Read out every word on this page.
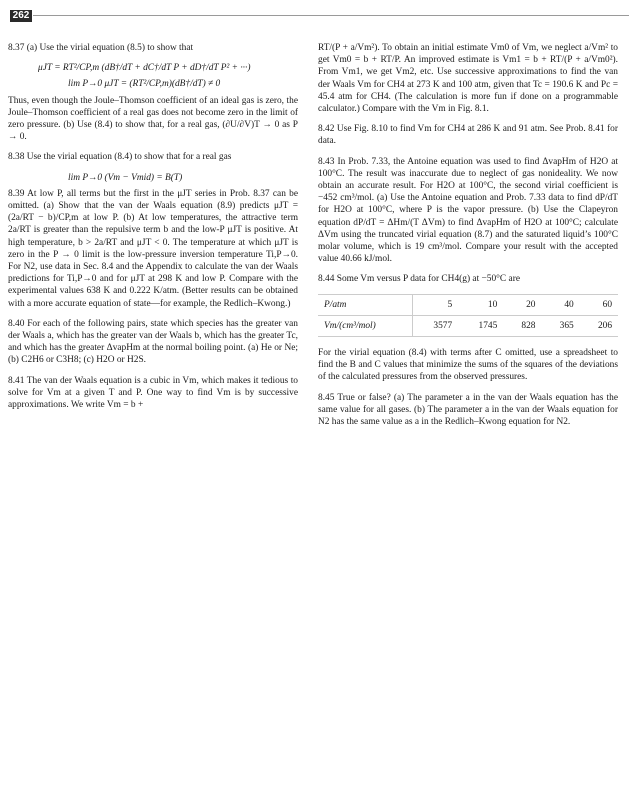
262

8.37 (a) Use the virial equation (8.5) to show that

μJT = RT²/CP,m (dB†/dT + dC†/dT P + dD†/dT P² + ···)
lim P→0 μJT = (RT²/CP,m)(dB†/dT) ≠ 0

Thus, even though the Joule–Thomson coefficient of an ideal gas is zero, the Joule–Thomson coefficient of a real gas does not become zero in the limit of zero pressure. (b) Use (8.4) to show that, for a real gas, (∂U/∂V)T → 0 as P → 0.

8.38 Use the virial equation (8.4) to show that for a real gas

lim P→0 (Vm − Vmid) = B(T)

8.39 At low P, all terms but the first in the μJT series in Prob. 8.37 can be omitted. (a) Show that the van der Waals equation (8.9) predicts μJT = (2a/RT − b)/CP,m at low P. (b) At low temperatures, the attractive term 2a/RT is greater than the repulsive term b and the low-P μJT is positive. At high temperature, b > 2a/RT and μJT < 0. The temperature at which μJT is zero in the P → 0 limit is the low-pressure inversion temperature Ti,P→0. For N2, use data in Sec. 8.4 and the Appendix to calculate the van der Waals predictions for Ti,P→0 and for μJT at 298 K and low P. Compare with the experimental values 638 K and 0.222 K/atm. (Better results can be obtained with a more accurate equation of state—for example, the Redlich–Kwong.)

8.40 For each of the following pairs, state which species has the greater van der Waals a, which has the greater van der Waals b, which has the greater Tc, and which has the greater ΔvapHm at the normal boiling point. (a) He or Ne; (b) C2H6 or C3H8; (c) H2O or H2S.

8.41 The van der Waals equation is a cubic in Vm, which makes it tedious to solve for Vm at a given T and P. One way to find Vm is by successive approximations. We write Vm = b +

RT/(P + a/Vm²). To obtain an initial estimate Vm0 of Vm, we neglect a/Vm² to get Vm0 = b + RT/P. An improved estimate is Vm1 = b + RT/(P + a/Vm0²). From Vm1, we get Vm2, etc. Use successive approximations to find the van der Waals Vm for CH4 at 273 K and 100 atm, given that Tc = 190.6 K and Pc = 45.4 atm for CH4. (The calculation is more fun if done on a programmable calculator.) Compare with the Vm in Fig. 8.1.

8.42 Use Fig. 8.10 to find Vm for CH4 at 286 K and 91 atm. See Prob. 8.41 for data.

8.43 In Prob. 7.33, the Antoine equation was used to find ΔvapHm of H2O at 100°C. The result was inaccurate due to neglect of gas nonideality. We now obtain an accurate result. For H2O at 100°C, the second virial coefficient is −452 cm³/mol. (a) Use the Antoine equation and Prob. 7.33 data to find dP/dT for H2O at 100°C, where P is the vapor pressure. (b) Use the Clapeyron equation dP/dT = ΔHm/(T ΔVm) to find ΔvapHm of H2O at 100°C; calculate ΔVm using the truncated virial equation (8.7) and the saturated liquid’s 100°C molar volume, which is 19 cm³/mol. Compare your result with the accepted value 40.66 kJ/mol.

8.44 Some Vm versus P data for CH4(g) at −50°C are

P/atm	5	10	20	40	60
Vm/(cm³/mol)	3577	1745	828	365	206

For the virial equation (8.4) with terms after C omitted, use a spreadsheet to find the B and C values that minimize the sums of the squares of the deviations of the calculated pressures from the observed pressures.

8.45 True or false? (a) The parameter a in the van der Waals equation has the same value for all gases. (b) The parameter a in the van der Waals equation for N2 has the same value as a in the Redlich–Kwong equation for N2.
